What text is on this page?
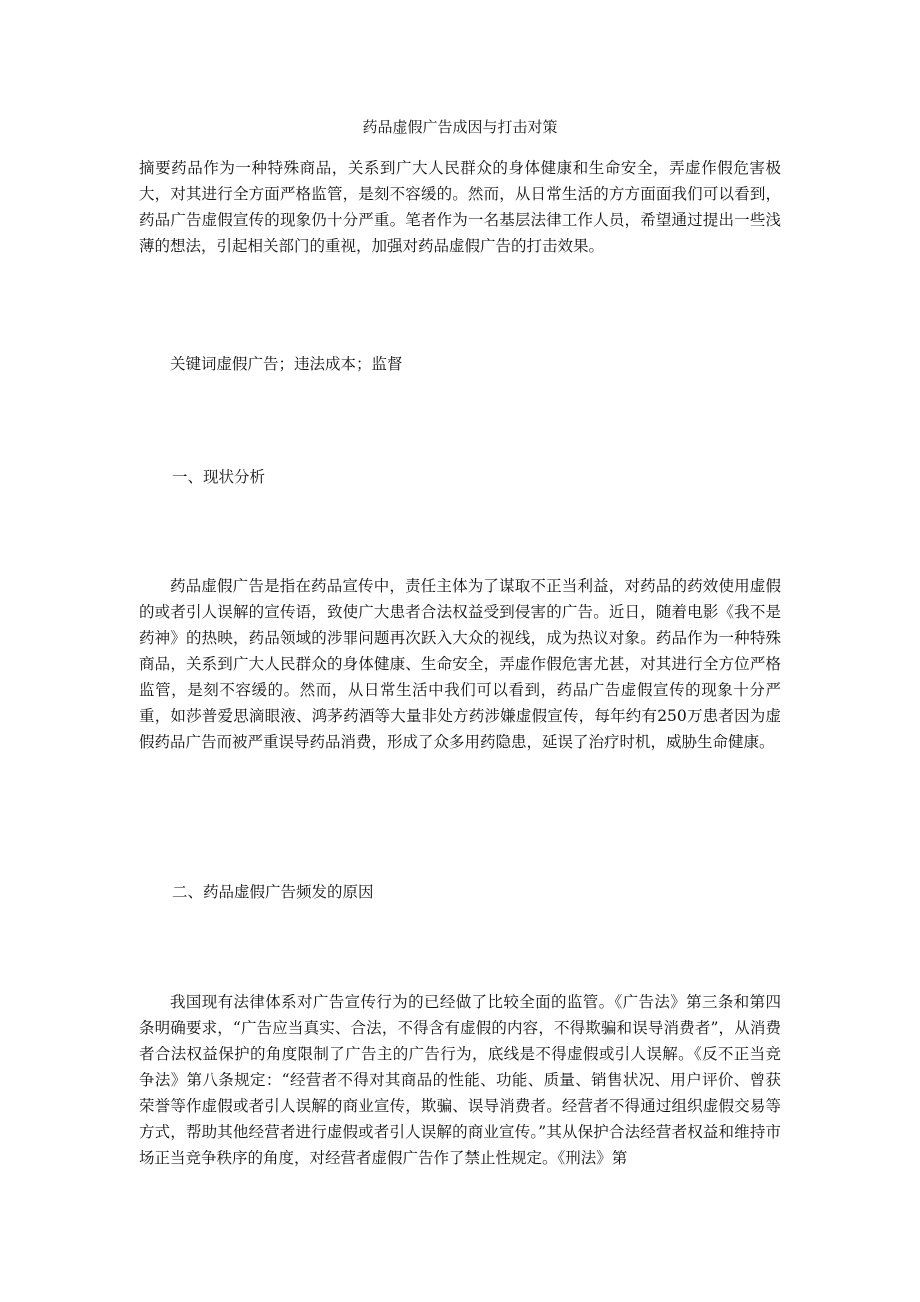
药品虚假广告成因与打击对策

摘要药品作为一种特殊商品，关系到广大人民群众的身体健康和生命安全，弄虚作假危害极大，对其进行全方面严格监管，是刻不容缓的。然而，从日常生活的方方面面我们可以看到，药品广告虚假宣传的现象仍十分严重。笔者作为一名基层法律工作人员，希望通过提出一些浅薄的想法，引起相关部门的重视，加强对药品虚假广告的打击效果。

关键词虚假广告；违法成本；监督

一、现状分析

药品虚假广告是指在药品宣传中，责任主体为了谋取不正当利益，对药品的药效使用虚假的或者引人误解的宣传语，致使广大患者合法权益受到侵害的广告。近日，随着电影《我不是药神》的热映，药品领域的涉罪问题再次跃入大众的视线，成为热议对象。药品作为一种特殊商品，关系到广大人民群众的身体健康、生命安全，弄虚作假危害尤甚，对其进行全方位严格监管，是刻不容缓的。然而，从日常生活中我们可以看到，药品广告虚假宣传的现象十分严重，如莎普爱思滴眼液、鸿茅药酒等大量非处方药涉嫌虚假宣传，每年约有250万患者因为虚假药品广告而被严重误导药品消费，形成了众多用药隐患，延误了治疗时机，威胁生命健康。

二、药品虚假广告频发的原因

我国现有法律体系对广告宣传行为的已经做了比较全面的监管。《广告法》第三条和第四条明确要求，“广告应当真实、合法，不得含有虚假的内容，不得欺骗和误导消费者”，从消费者合法权益保护的角度限制了广告主的广告行为，底线是不得虚假或引人误解。《反不正当竞争法》第八条规定：“经营者不得对其商品的性能、功能、质量、销售状况、用户评价、曾获荣誉等作虚假或者引人误解的商业宣传，欺骗、误导消费者。经营者不得通过组织虚假交易等方式，帮助其他经营者进行虚假或者引人误解的商业宣传。”其从保护合法经营者权益和维持市场正当竞争秩序的角度，对经营者虚假广告作了禁止性规定。《刑法》第
